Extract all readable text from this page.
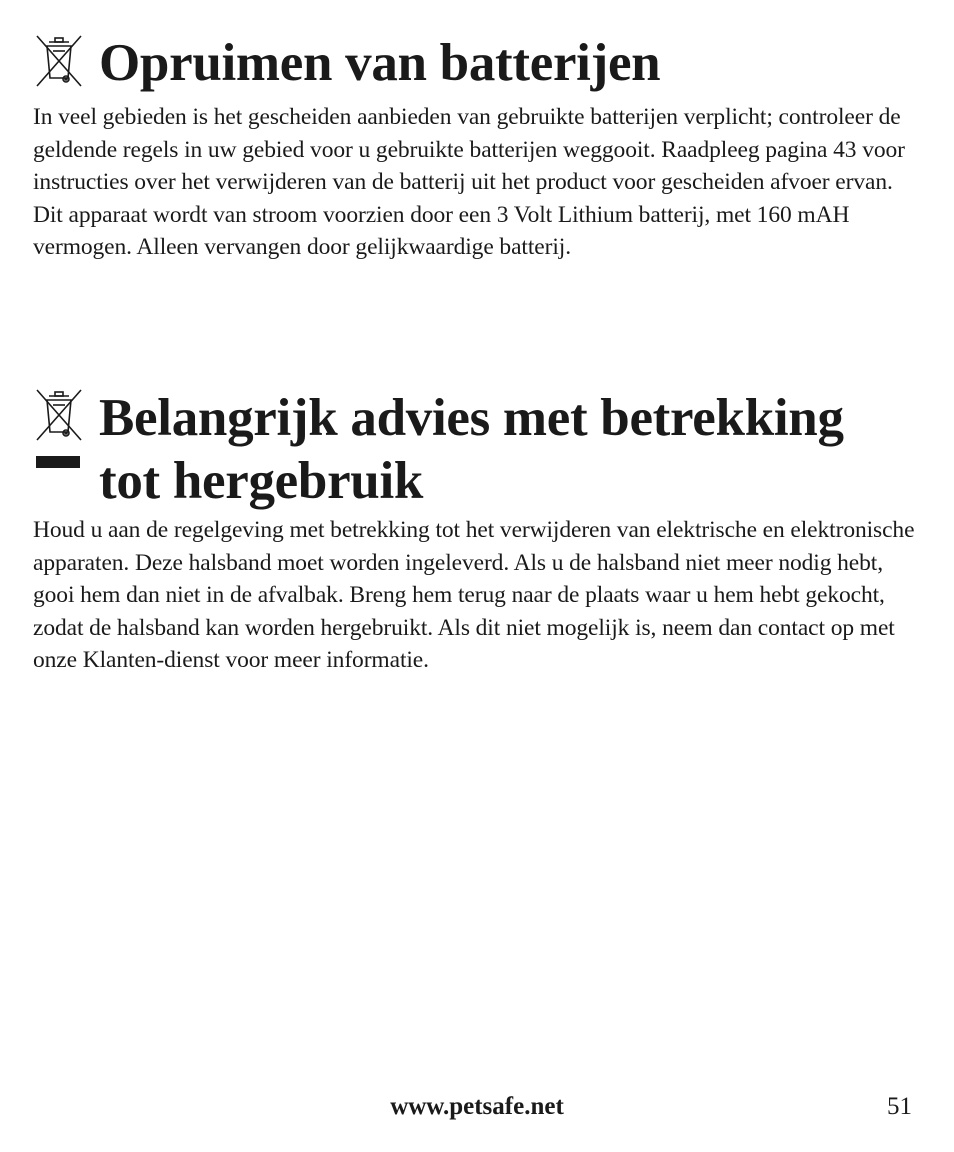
Opruimen van batterijen

In veel gebieden is het gescheiden aanbieden van gebruikte batterijen verplicht; controleer de geldende regels in uw gebied voor u gebruikte batterijen weggooit. Raadpleeg pagina 43 voor instructies over het verwijderen van de batterij uit het product voor gescheiden afvoer ervan. Dit apparaat wordt van stroom voorzien door een 3 Volt Lithium batterij, met 160 mAH vermogen. Alleen vervangen door gelijkwaardige batterij.

Belangrijk advies met betrekking
tot hergebruik

Houd u aan de regelgeving met betrekking tot het verwijderen van elektrische en elektronische apparaten. Deze halsband moet worden ingeleverd. Als u de halsband niet meer nodig hebt, gooi hem dan niet in de afvalbak. Breng hem terug naar de plaats waar u hem hebt gekocht, zodat de halsband kan worden hergebruikt. Als dit niet mogelijk is, neem dan contact op met onze Klanten-dienst voor meer informatie.

www.petsafe.net	51
